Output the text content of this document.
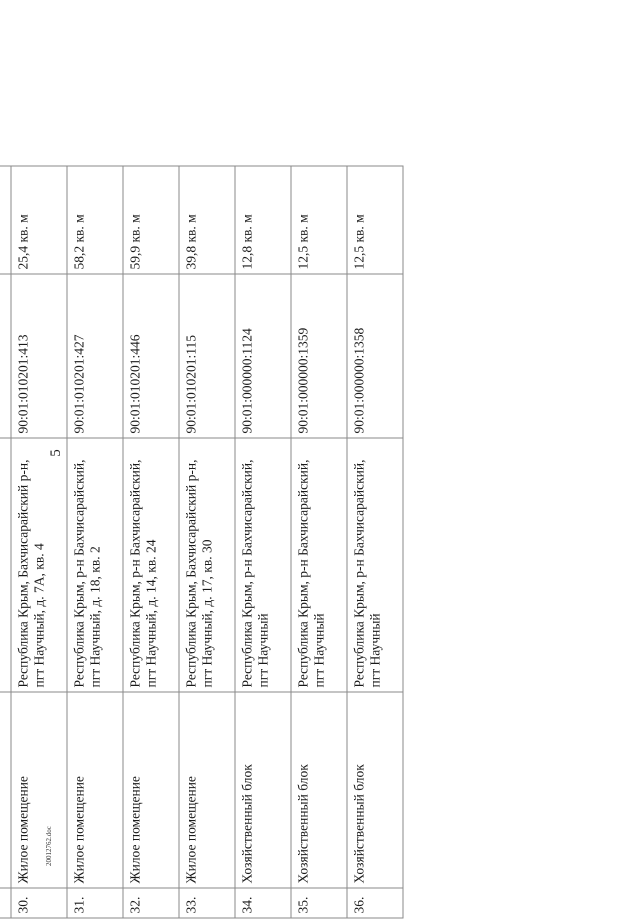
5

30.	Жилое помещение	Республика Крым, Бахчисарайский р-н, пгт Научный, д. 7А, кв. 4	90:01:010201:413	25,4 кв. м
31.	Жилое помещение	Республика Крым, р-н Бахчисарайский, пгт Научный, д. 18, кв. 2	90:01:010201:427	58,2 кв. м
32.	Жилое помещение	Республика Крым, р-н Бахчисарайский, пгт Научный, д. 14, кв. 24	90:01:010201:446	59,9 кв. м
33.	Жилое помещение	Республика Крым, Бахчисарайский р-н, пгт Научный, д. 17, кв. 30	90:01:010201:115	39,8 кв. м
34.	Хозяйственный блок	Республика Крым, р-н Бахчисарайский, пгт Научный	90:01:000000:1124	12,8 кв. м
35.	Хозяйственный блок	Республика Крым, р-н Бахчисарайский, пгт Научный	90:01:000000:1359	12,5 кв. м
36.	Хозяйственный блок	Республика Крым, р-н Бахчисарайский, пгт Научный	90:01:000000:1358	12,5 кв. м
20012762.doc
